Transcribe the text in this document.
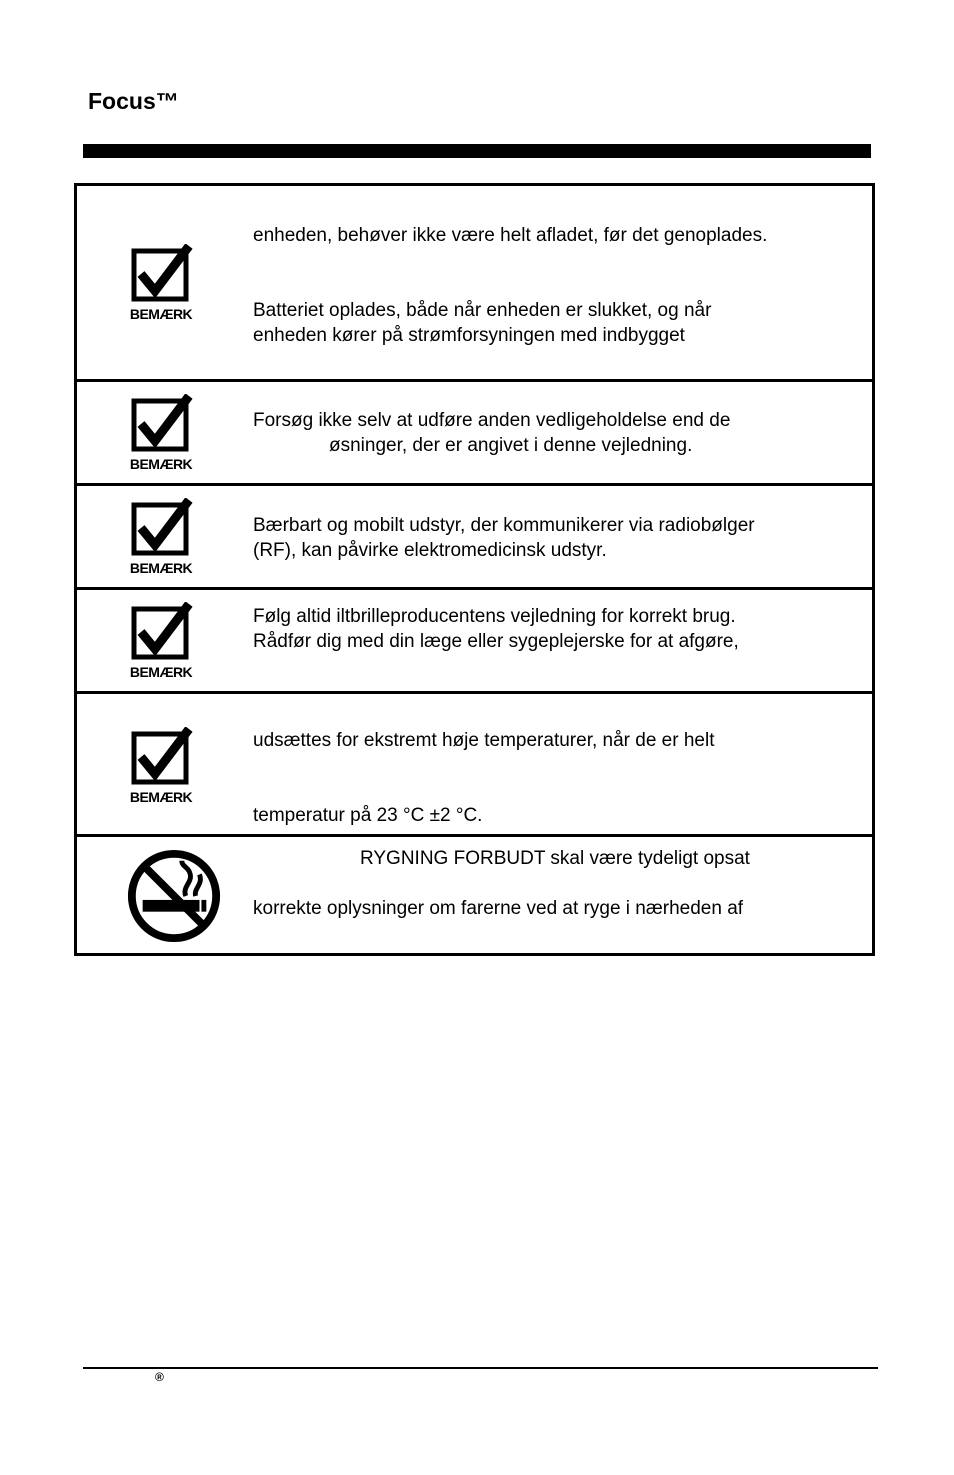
Focus™
BEMÆRK
enheden, behøver ikke være helt afladet, før det genoplades.

Batteriet oplades, både når enheden er slukket, og når
enheden kører på strømforsyningen med indbygget
BEMÆRK
Forsøg ikke selv at udføre anden vedligeholdelse end de
øsninger, der er angivet i denne vejledning.
BEMÆRK
Bærbart og mobilt udstyr, der kommunikerer via radiobølger
(RF), kan påvirke elektromedicinsk udstyr.
BEMÆRK
Følg altid iltbrilleproducentens vejledning for korrekt brug.
Rådfør dig med din læge eller sygeplejerske for at afgøre,
BEMÆRK
udsættes for ekstremt høje temperaturer, når de er helt

temperatur på 23 °C ±2 °C.
RYGNING FORBUDT skal være tydeligt opsat

korrekte oplysninger om farerne ved at ryge i nærheden af
®
